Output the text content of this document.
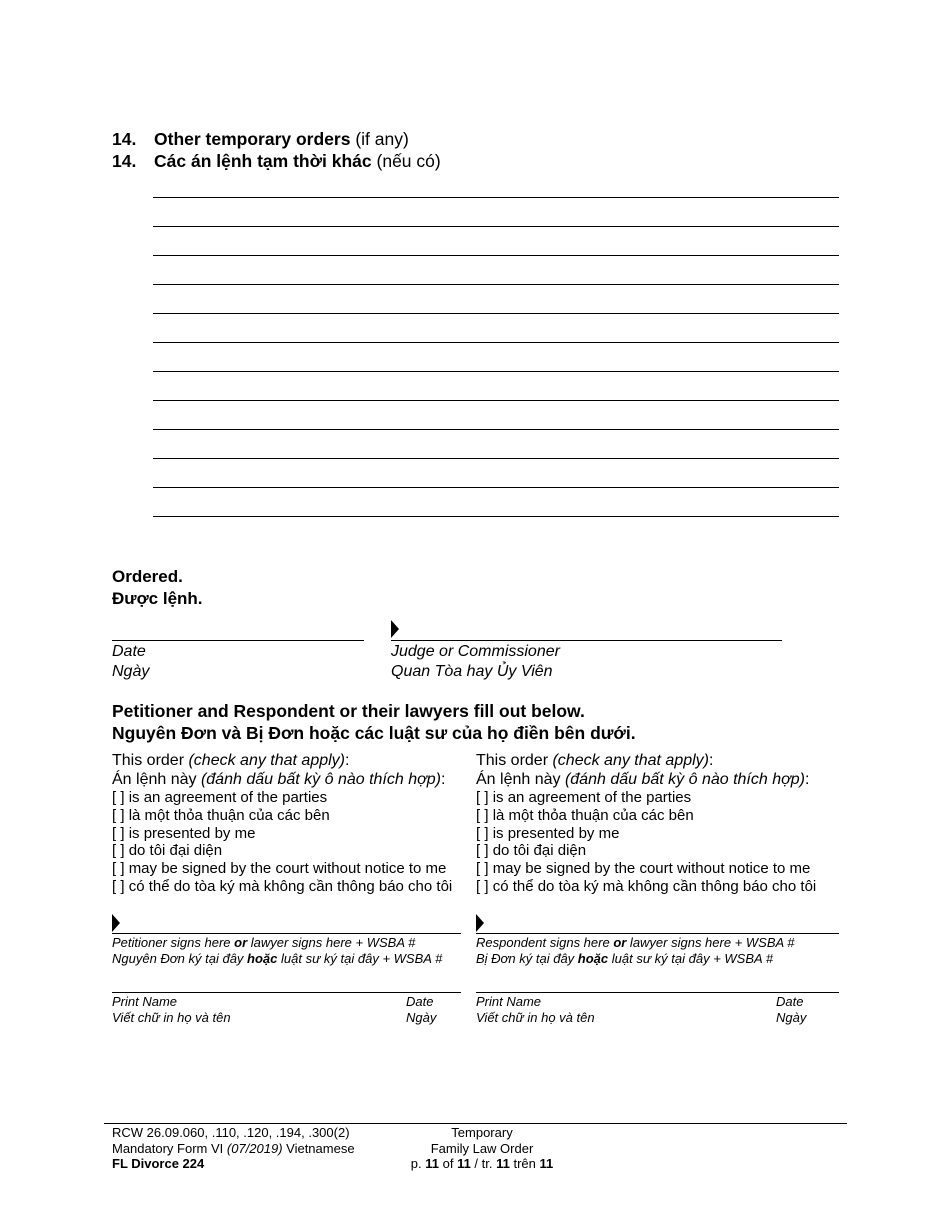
14. Other temporary orders (if any)
14. Các án lệnh tạm thời khác (nếu có)
Ordered.
Được lệnh.
Date
Ngày
Judge or Commissioner
Quan Tòa hay Ủy Viên
Petitioner and Respondent or their lawyers fill out below.
Nguyên Đơn và Bị Đơn hoặc các luật sư của họ điền bên dưới.
This order (check any that apply):
Án lệnh này (đánh dấu bất kỳ ô nào thích hợp):
[ ] is an agreement of the parties
[ ] là một thỏa thuận của các bên
[ ] is presented by me
[ ] do tôi đại diện
[ ] may be signed by the court without notice to me
[ ] có thể do tòa ký mà không cần thông báo cho tôi
This order (check any that apply):
Án lệnh này (đánh dấu bất kỳ ô nào thích hợp):
[ ] is an agreement of the parties
[ ] là một thỏa thuận của các bên
[ ] is presented by me
[ ] do tôi đại diện
[ ] may be signed by the court without notice to me
[ ] có thể do tòa ký mà không cần thông báo cho tôi
Petitioner signs here or lawyer signs here + WSBA #
Nguyên Đơn ký tại đây hoặc luật sư ký tại đây + WSBA #
Respondent signs here or lawyer signs here + WSBA #
Bị Đơn ký tại đây hoặc luật sư ký tại đây + WSBA #
Print Name
Viết chữ in họ và tên
Date
Ngày
Print Name
Viết chữ in họ và tên
Date
Ngày
RCW 26.09.060, .110, .120, .194, .300(2)
Mandatory Form VI (07/2019) Vietnamese
FL Divorce 224
Temporary
Family Law Order
p. 11 of 11 / tr. 11 trên 11
